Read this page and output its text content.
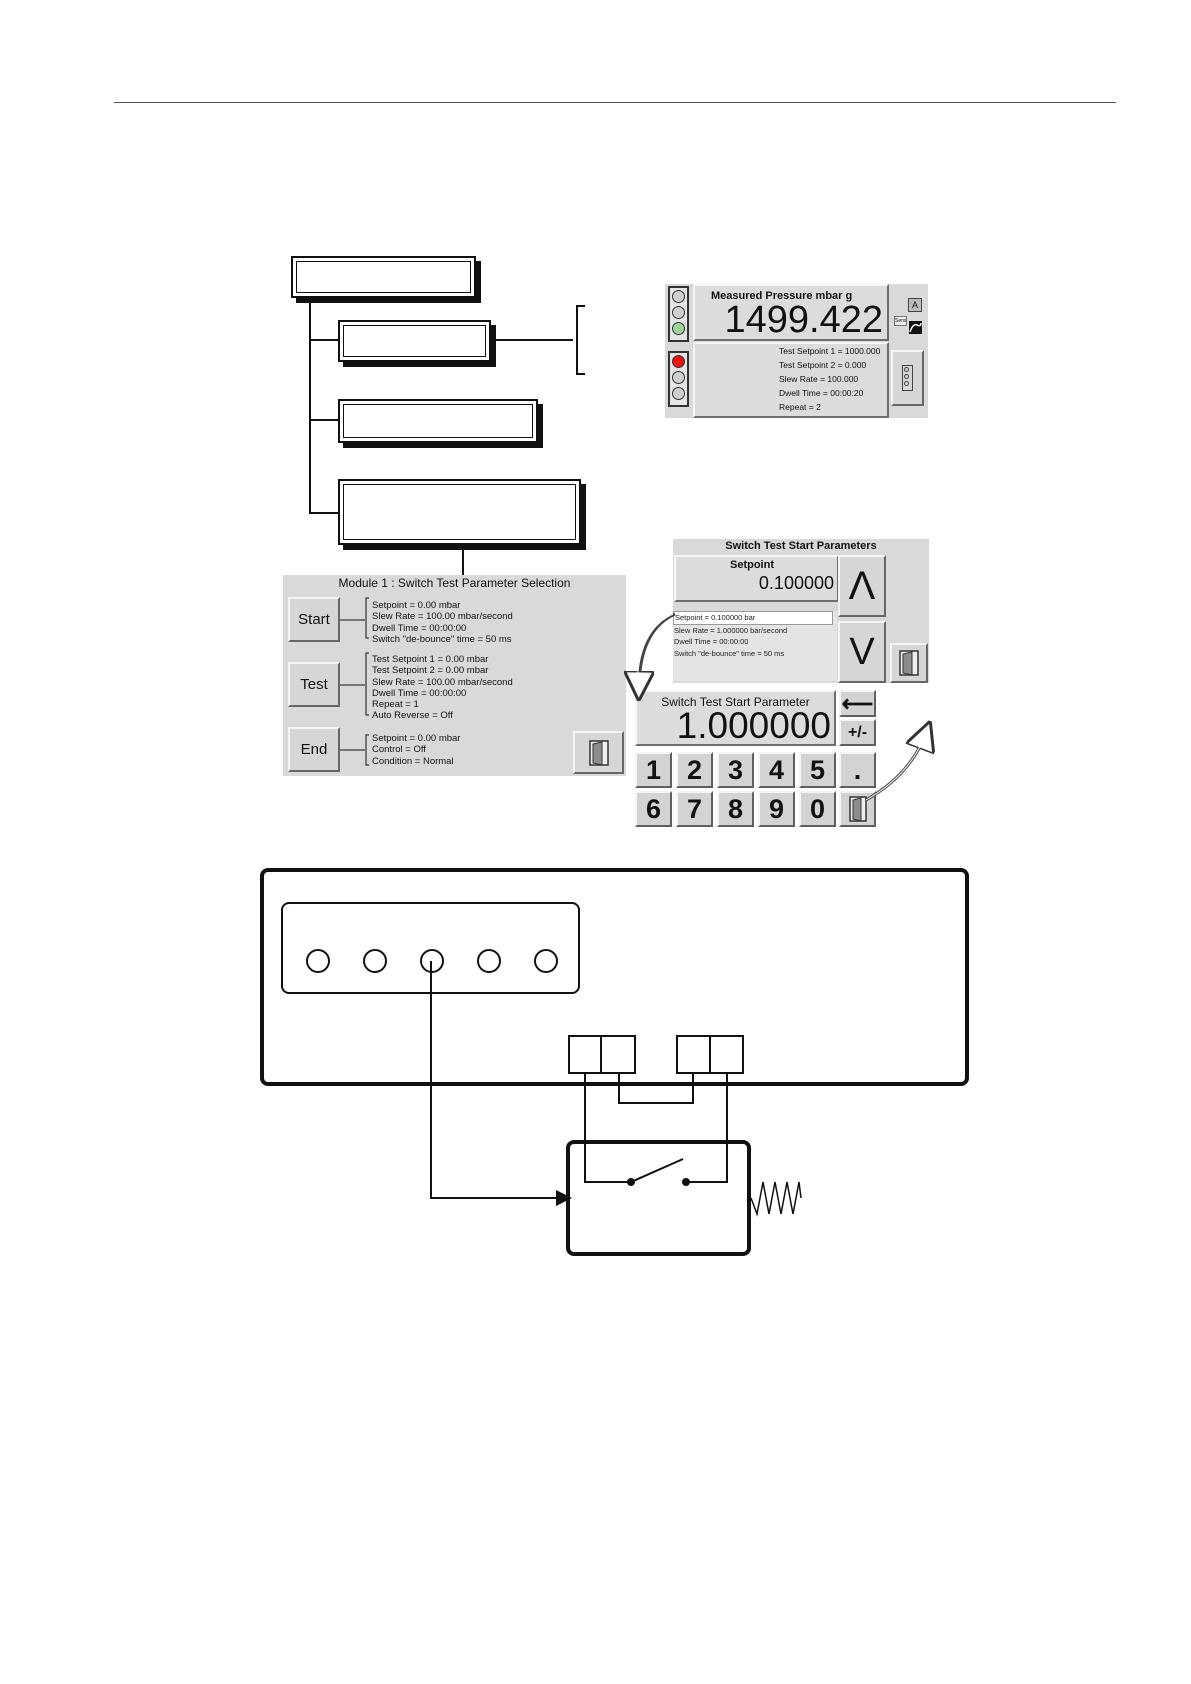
Measured Pressure mbar g
1499.422	A
Sens
Test Setpoint 1 = 1000.000
Test Setpoint 2 = 0.000
Slew Rate = 100.000
Dwell Time = 00:00:20
Repeat = 2
Module 1 : Switch Test Parameter Selection
Start
Test
End
Setpoint = 0.00 mbar
Slew Rate = 100.00 mbar/second
Dwell Time = 00:00:00
Switch "de-bounce" time = 50 ms
Test Setpoint 1 = 0.00 mbar
Test Setpoint 2 = 0.00 mbar
Slew Rate = 100.00 mbar/second
Dwell Time = 00:00:00
Repeat = 1
Auto Reverse = Off
Setpoint = 0.00 mbar
Control = Off
Condition = Normal
Switch Test Start Parameters
Setpoint
0.100000 Λ
V
Setpoint = 0.100000 bar
Slew Rate = 1.000000 bar/second
Dwell Time = 00:00:00
Switch "de-bounce" time = 50 ms
Switch Test Start Parameter
1.000000
⟵
+/-
1 2 3 4 5	.
6 7 8 9 0
